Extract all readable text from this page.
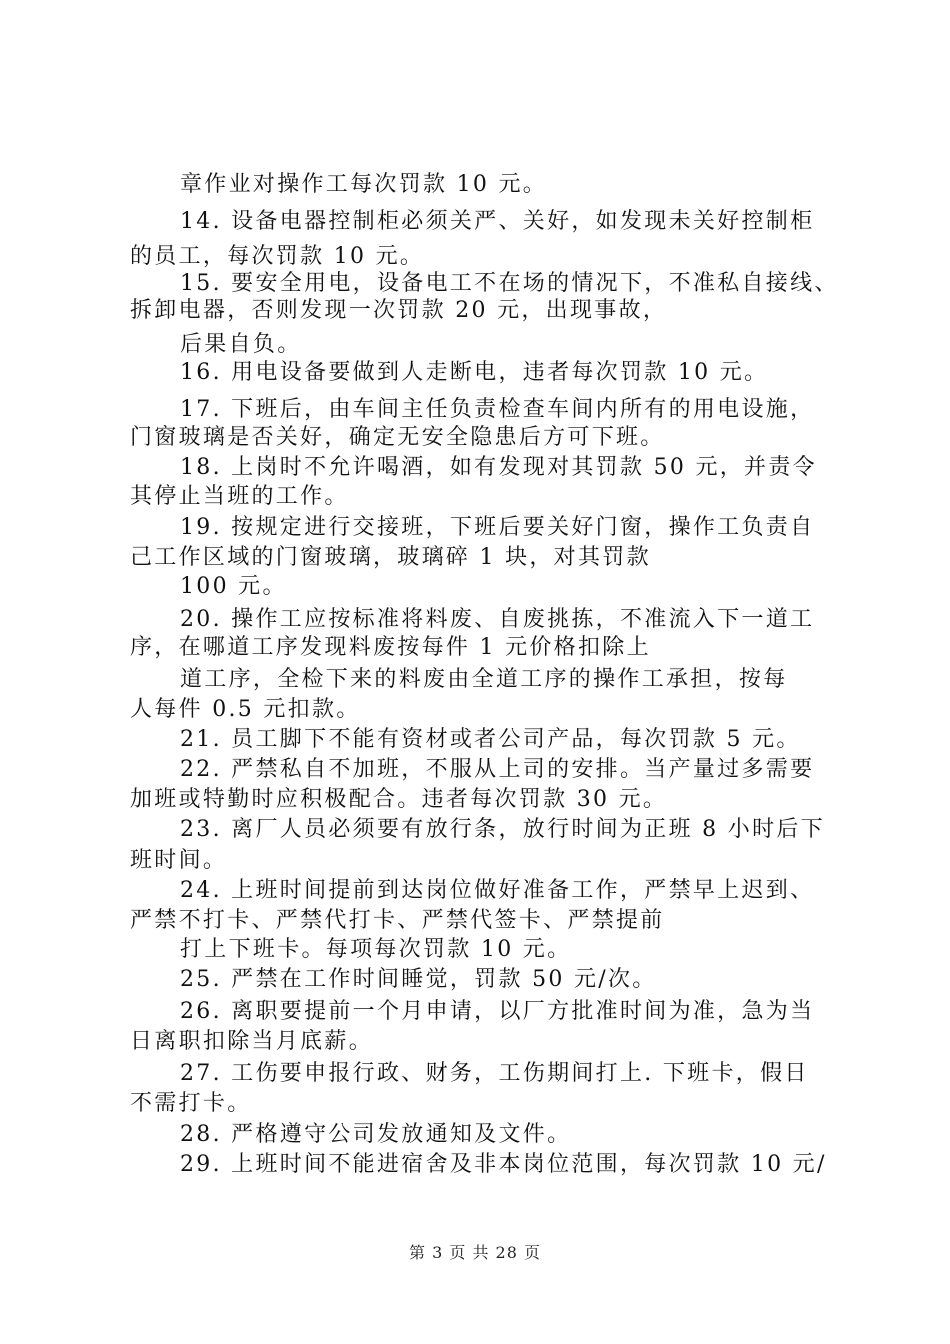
章作业对操作工每次罚款 10 元。
14. 设备电器控制柜必须关严、关好，如发现未关好控制柜
的员工，每次罚款 10 元。
15. 要安全用电，设备电工不在场的情况下，不准私自接线、
拆卸电器，否则发现一次罚款 20 元，出现事故，
后果自负。
16. 用电设备要做到人走断电，违者每次罚款 10 元。
17. 下班后，由车间主任负责检查车间内所有的用电设施，
门窗玻璃是否关好，确定无安全隐患后方可下班。
18. 上岗时不允许喝酒，如有发现对其罚款 50 元，并责令
其停止当班的工作。
19. 按规定进行交接班，下班后要关好门窗，操作工负责自
己工作区域的门窗玻璃，玻璃碎 1 块，对其罚款
100 元。
20. 操作工应按标准将料废、自废挑拣，不准流入下一道工
序，在哪道工序发现料废按每件 1 元价格扣除上
道工序，全检下来的料废由全道工序的操作工承担，按每
人每件 0.5 元扣款。
21. 员工脚下不能有资材或者公司产品，每次罚款 5 元。
22. 严禁私自不加班，不服从上司的安排。当产量过多需要
加班或特勤时应积极配合。违者每次罚款 30 元。
23. 离厂人员必须要有放行条，放行时间为正班 8 小时后下
班时间。
24. 上班时间提前到达岗位做好准备工作，严禁早上迟到、
严禁不打卡、严禁代打卡、严禁代签卡、严禁提前
打上下班卡。每项每次罚款 10 元。
25. 严禁在工作时间睡觉，罚款 50 元/次。
26. 离职要提前一个月申请，以厂方批准时间为准，急为当
日离职扣除当月底薪。
27. 工伤要申报行政、财务，工伤期间打上. 下班卡，假日
不需打卡。
28. 严格遵守公司发放通知及文件。
29. 上班时间不能进宿舍及非本岗位范围，每次罚款 10 元/
第 3 页 共 28 页
